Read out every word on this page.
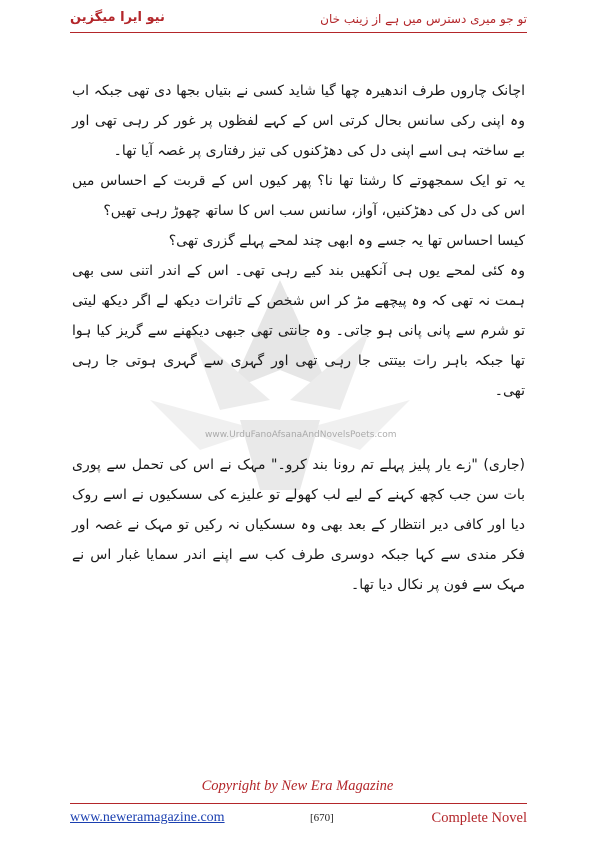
تو جو میری دسترس میں ہے از زینب خان
نیو ایرا میگزین
www.UrduFanoAfsanaAndNovelsPoets.com

اچانک چاروں طرف اندھیرہ چھا گیا شاید کسی نے بتیاں بجھا دی تھی جبکہ اب وہ اپنی رکی سانس بحال کرتی اس کے کہے لفظوں پر غور کر رہی تھی اور بے ساختہ ہی اسے اپنی دل کی دھڑکنوں کی تیز رفتاری پر غصہ آیا تھا۔

یہ تو ایک سمجھوتے کا رشتا تھا نا؟ پھر کیوں اس کے قربت کے احساس میں اس کی دل کی دھڑکنیں، آواز، سانس سب اس کا ساتھ چھوڑ رہی تھیں؟

کیسا احساس تھا یہ جسے وہ ابھی چند لمحے پہلے گزری تھی؟

وہ کئی لمحے یوں ہی آنکھیں بند کیے رہی تھی۔ اس کے اندر اتنی سی بھی ہمت نہ تھی کہ وہ پیچھے مڑ کر اس شخص کے تاثرات دیکھ لے اگر دیکھ لیتی تو شرم سے پانی پانی ہو جاتی۔ وہ جانتی تھی جبھی دیکھنے سے گریز کیا ہوا تھا جبکہ باہر رات بیتتی جا رہی تھی اور گہری سے گہری ہوتی جا رہی تھی۔

(جاری) "زے یار پلیز پہلے تم رونا بند کرو۔" مہک نے اس کی تحمل سے پوری بات سن جب کچھ کہنے کے لیے لب کھولے تو علیزے کی سسکیوں نے اسے روک دیا اور کافی دیر انتظار کے بعد بھی وہ سسکیاں نہ رکیں تو مہک نے غصہ اور فکر مندی سے کہا جبکہ دوسری طرف کب سے اپنے اندر سمایا غبار اس نے مہک سے فون پر نکال دیا تھا۔

Copyright by New Era Magazine
www.neweramagazine.com	[670]	Complete Novel
